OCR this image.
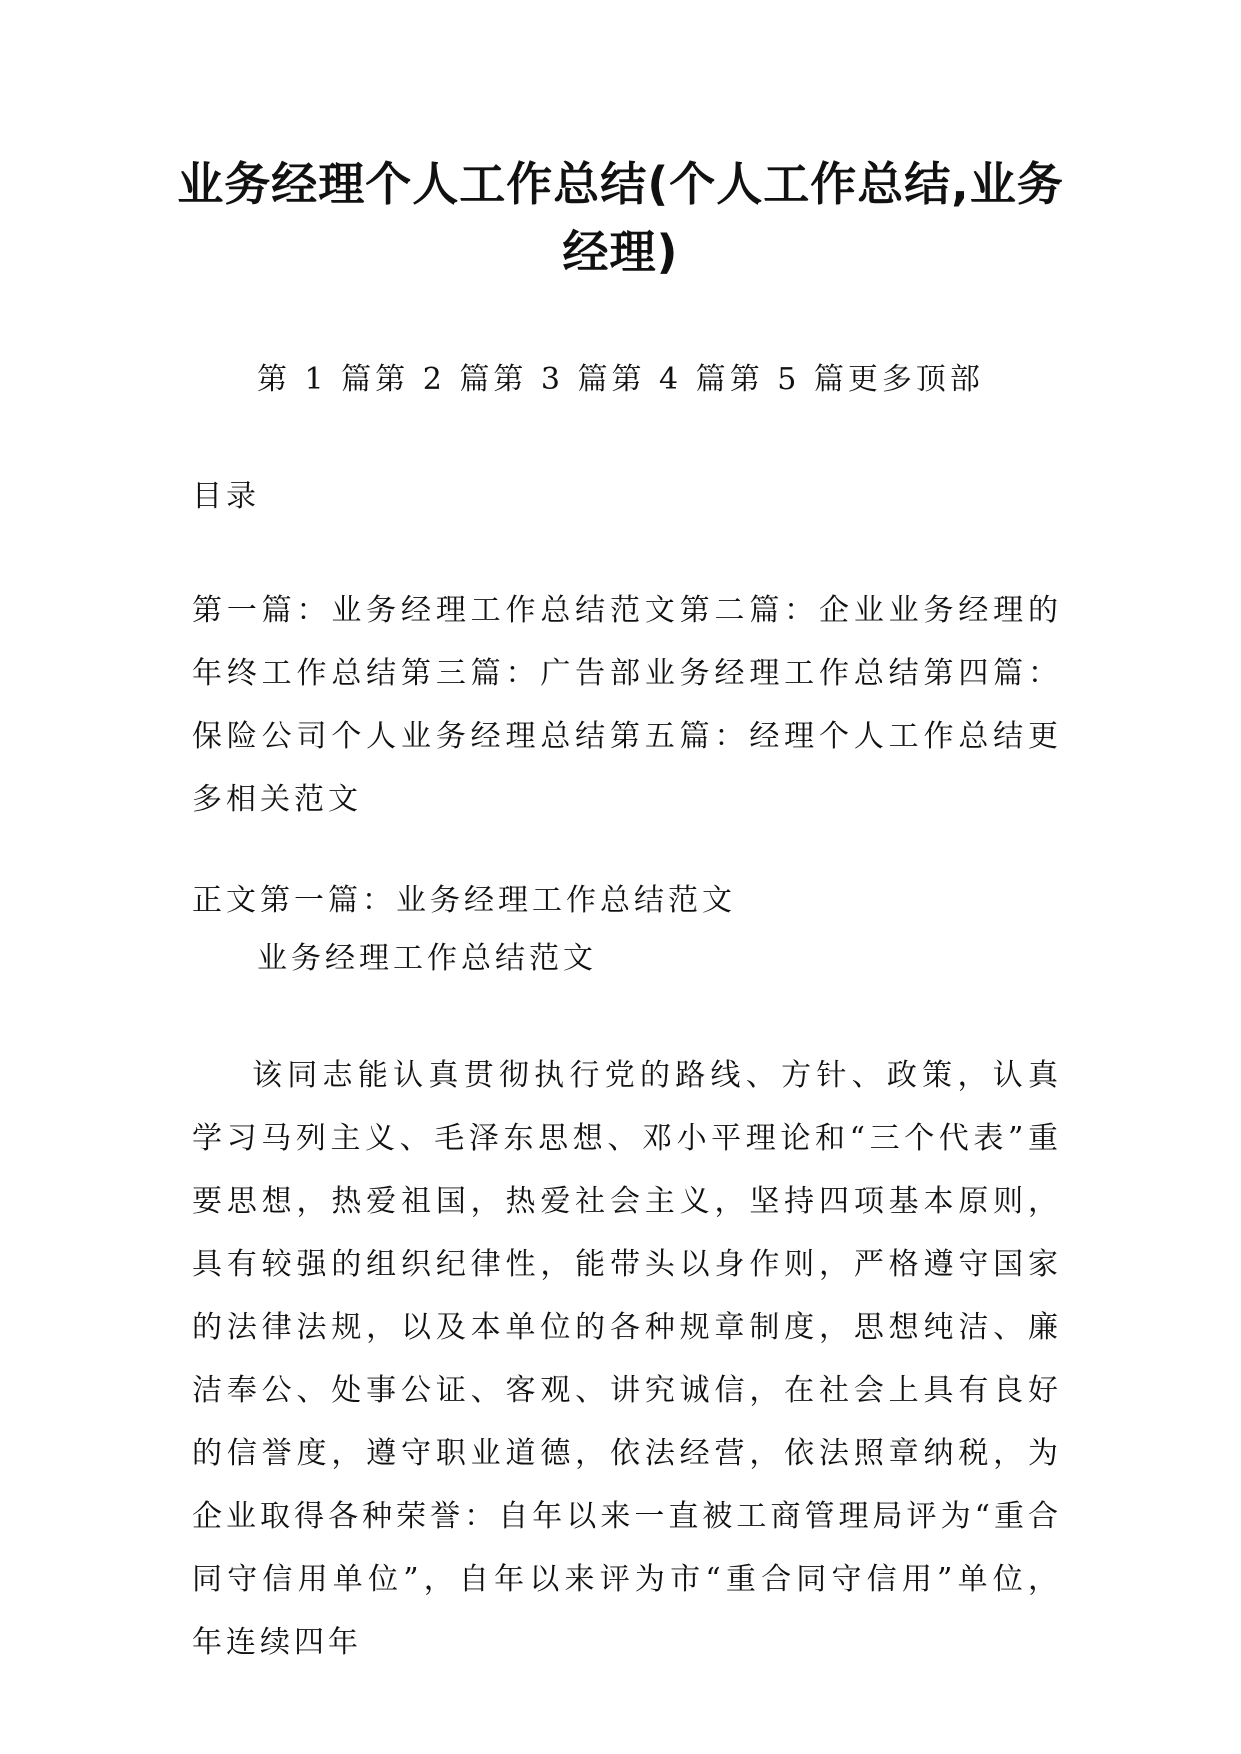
业务经理个人工作总结(个人工作总结,业务经理)
第 1 篇第 2 篇第 3 篇第 4 篇第 5 篇更多顶部
目录
第一篇：业务经理工作总结范文第二篇：企业业务经理的年终工作总结第三篇：广告部业务经理工作总结第四篇：保险公司个人业务经理总结第五篇：经理个人工作总结更多相关范文
正文第一篇：业务经理工作总结范文
业务经理工作总结范文

该同志能认真贯彻执行党的路线、方针、政策，认真学习马列主义、毛泽东思想、邓小平理论和“三个代表”重要思想，热爱祖国，热爱社会主义，坚持四项基本原则，具有较强的组织纪律性，能带头以身作则，严格遵守国家的法律法规，以及本单位的各种规章制度，思想纯洁、廉洁奉公、处事公证、客观、讲究诚信，在社会上具有良好的信誉度，遵守职业道德，依法经营，依法照章纳税，为企业取得各种荣誉：自年以来一直被工商管理局评为“重合同守信用单位”，自年以来评为市“重合同守信用”单位，年连续四年
